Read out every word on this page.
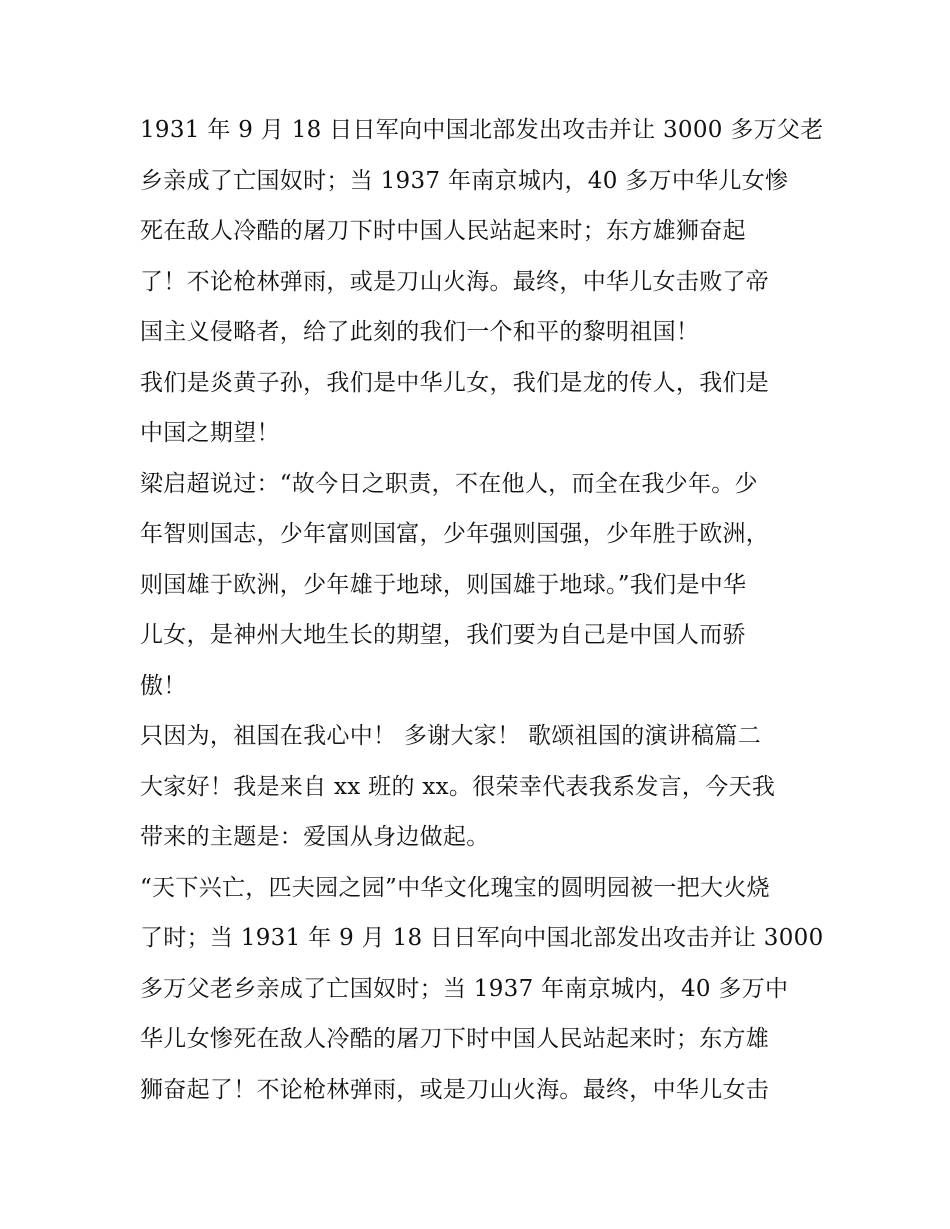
1931 年 9 月 18 日日军向中国北部发出攻击并让 3000 多万父老
乡亲成了亡国奴时；当 1937 年南京城内，40 多万中华儿女惨
死在敌人冷酷的屠刀下时中国人民站起来时；东方雄狮奋起
了！不论枪林弹雨，或是刀山火海。最终，中华儿女击败了帝
国主义侵略者，给了此刻的我们一个和平的黎明祖国！
我们是炎黄子孙，我们是中华儿女，我们是龙的传人，我们是
中国之期望！
梁启超说过：“故今日之职责，不在他人，而全在我少年。少
年智则国志，少年富则国富，少年强则国强，少年胜于欧洲，
则国雄于欧洲，少年雄于地球，则国雄于地球。”我们是中华
儿女，是神州大地生长的期望，我们要为自己是中国人而骄
傲！
只因为，祖国在我心中！ 多谢大家！ 歌颂祖国的演讲稿篇二
大家好！我是来自 xx 班的 xx。很荣幸代表我系发言，今天我
带来的主题是：爱国从身边做起。
“天下兴亡，匹夫园之园”中华文化瑰宝的圆明园被一把大火烧
了时；当 1931 年 9 月 18 日日军向中国北部发出攻击并让 3000
多万父老乡亲成了亡国奴时；当 1937 年南京城内，40 多万中
华儿女惨死在敌人冷酷的屠刀下时中国人民站起来时；东方雄
狮奋起了！不论枪林弹雨，或是刀山火海。最终，中华儿女击
